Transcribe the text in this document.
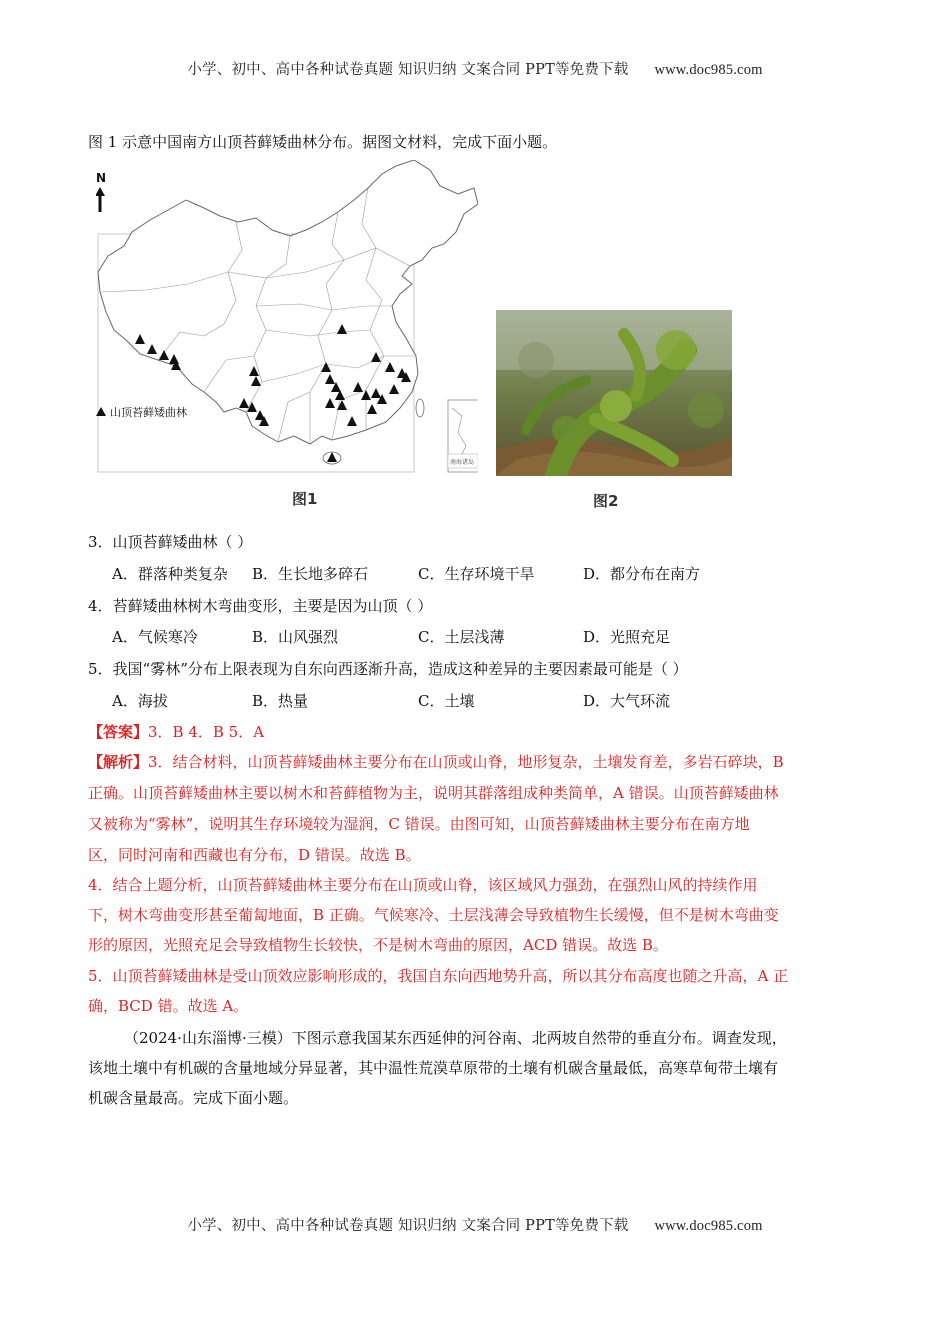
小学、初中、高中各种试卷真题 知识归纳 文案合同 PPT等免费下载 www.doc985.com
图 1 示意中国南方山顶苔藓矮曲林分布。据图文材料，完成下面小题。
N
南海诸岛
山顶苔藓矮曲林
图1	图2
3．山顶苔藓矮曲林（ ）
A．群落种类复杂 B．生长地多碎石	C．生存环境干旱	D．都分布在南方
4．苔藓矮曲林树木弯曲变形，主要是因为山顶（ ）
A．气候寒冷	B．山风强烈	C．土层浅薄	D．光照充足
5．我国“雾林”分布上限表现为自东向西逐渐升高，造成这种差异的主要因素最可能是（ ）
A．海拔	B．热量	C．土壤	D．大气环流
【答案】3．B 4．B 5．A
【解析】3．结合材料，山顶苔藓矮曲林主要分布在山顶或山脊，地形复杂，土壤发育差，多岩石碎块，B
正确。山顶苔藓矮曲林主要以树木和苔藓植物为主，说明其群落组成种类简单，A 错误。山顶苔藓矮曲林
又被称为“雾林”，说明其生存环境较为湿润，C 错误。由图可知，山顶苔藓矮曲林主要分布在南方地
区，同时河南和西藏也有分布，D 错误。故选 B。
4．结合上题分析，山顶苔藓矮曲林主要分布在山顶或山脊，该区域风力强劲，在强烈山风的持续作用
下，树木弯曲变形甚至葡匐地面，B 正确。气候寒冷、土层浅薄会导致植物生长缓慢，但不是树木弯曲变
形的原因，光照充足会导致植物生长较快，不是树木弯曲的原因，ACD 错误。故选 B。
5．山顶苔藓矮曲林是受山顶效应影响形成的，我国自东向西地势升高，所以其分布高度也随之升高，A 正
确，BCD 错。故选 A。
（2024·山东淄博·三模）下图示意我国某东西延伸的河谷南、北两坡自然带的垂直分布。调查发现，
该地土壤中有机碳的含量地域分异显著，其中温性荒漠草原带的土壤有机碳含量最低，高寒草甸带土壤有
机碳含量最高。完成下面小题。
小学、初中、高中各种试卷真题 知识归纳 文案合同 PPT等免费下载 www.doc985.com
